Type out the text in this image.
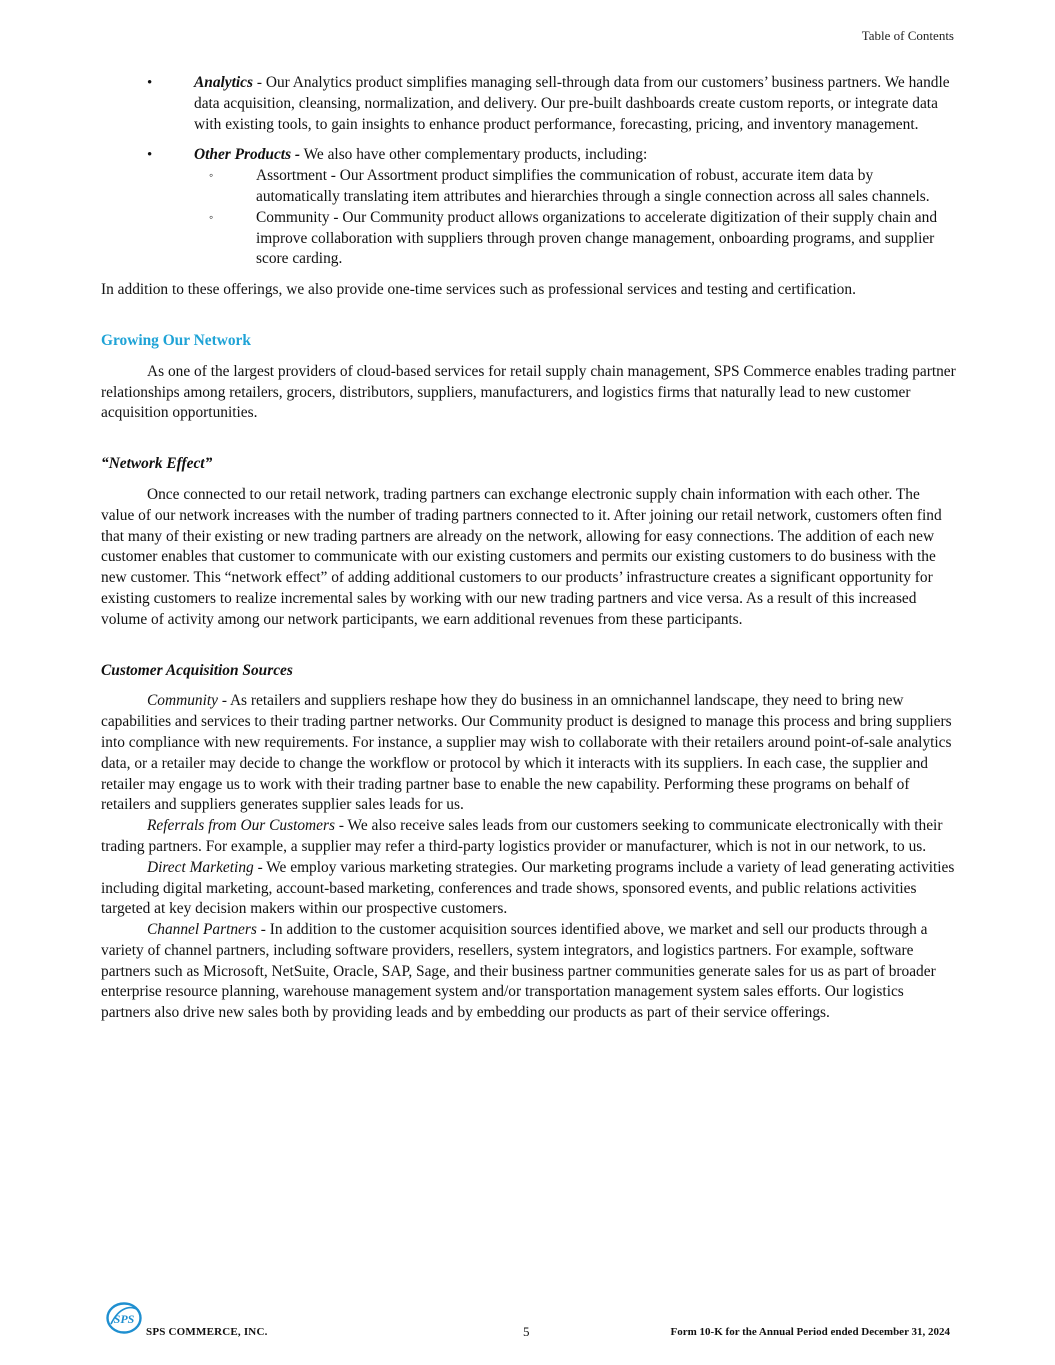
Table of Contents
•	Analytics - Our Analytics product simplifies managing sell-through data from our customers’ business partners. We handle data acquisition, cleansing, normalization, and delivery. Our pre-built dashboards create custom reports, or integrate data with existing tools, to gain insights to enhance product performance, forecasting, pricing, and inventory management.

•	Other Products - We also have other complementary products, including:

◦	Assortment - Our Assortment product simplifies the communication of robust, accurate item data by automatically translating item attributes and hierarchies through a single connection across all sales channels.
◦	Community - Our Community product allows organizations to accelerate digitization of their supply chain and improve collaboration with suppliers through proven change management, onboarding programs, and supplier score carding.

In addition to these offerings, we also provide one-time services such as professional services and testing and certification.

Growing Our Network

As one of the largest providers of cloud-based services for retail supply chain management, SPS Commerce enables trading partner relationships among retailers, grocers, distributors, suppliers, manufacturers, and logistics firms that naturally lead to new customer acquisition opportunities.

“Network Effect”

Once connected to our retail network, trading partners can exchange electronic supply chain information with each other. The value of our network increases with the number of trading partners connected to it. After joining our retail network, customers often find that many of their existing or new trading partners are already on the network, allowing for easy connections. The addition of each new customer enables that customer to communicate with our existing customers and permits our existing customers to do business with the new customer. This “network effect” of adding additional customers to our products’ infrastructure creates a significant opportunity for existing customers to realize incremental sales by working with our new trading partners and vice versa. As a result of this increased volume of activity among our network participants, we earn additional revenues from these participants.

Customer Acquisition Sources

Community - As retailers and suppliers reshape how they do business in an omnichannel landscape, they need to bring new capabilities and services to their trading partner networks. Our Community product is designed to manage this process and bring suppliers into compliance with new requirements. For instance, a supplier may wish to collaborate with their retailers around point-of-sale analytics data, or a retailer may decide to change the workflow or protocol by which it interacts with its suppliers. In each case, the supplier and retailer may engage us to work with their trading partner base to enable the new capability. Performing these programs on behalf of retailers and suppliers generates supplier sales leads for us.

Referrals from Our Customers - We also receive sales leads from our customers seeking to communicate electronically with their trading partners. For example, a supplier may refer a third-party logistics provider or manufacturer, which is not in our network, to us.

Direct Marketing - We employ various marketing strategies. Our marketing programs include a variety of lead generating activities including digital marketing, account-based marketing, conferences and trade shows, sponsored events, and public relations activities targeted at key decision makers within our prospective customers.

Channel Partners - In addition to the customer acquisition sources identified above, we market and sell our products through a variety of channel partners, including software providers, resellers, system integrators, and logistics partners. For example, software partners such as Microsoft, NetSuite, Oracle, SAP, Sage, and their business partner communities generate sales for us as part of broader enterprise resource planning, warehouse management system and/or transportation management system sales efforts. Our logistics partners also drive new sales both by providing leads and by embedding our products as part of their service offerings.

SPS
SPS COMMERCE, INC.	5	Form 10-K for the Annual Period ended December 31, 2024
